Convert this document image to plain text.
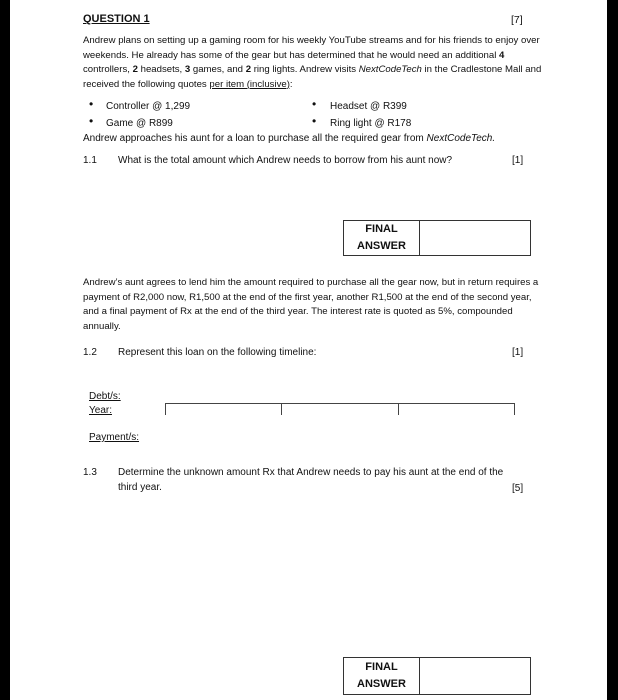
QUESTION 1	[7]
Andrew plans on setting up a gaming room for his weekly YouTube streams and for his friends to enjoy over weekends. He already has some of the gear but has determined that he would need an additional 4 controllers, 2 headsets, 3 games, and 2 ring lights. Andrew visits NextCodeTech in the Cradlestone Mall and received the following quotes per item (inclusive):
• Controller @ 1,299	• Headset @ R399
• Game @ R899	• Ring light @ R178
Andrew approaches his aunt for a loan to purchase all the required gear from NextCodeTech.
1.1 What is the total amount which Andrew needs to borrow from his aunt now?	[1]
FINAL
ANSWER
Andrew’s aunt agrees to lend him the amount required to purchase all the gear now, but in return requires a payment of R2,000 now, R1,500 at the end of the first year, another R1,500 at the end of the second year, and a final payment of Rx at the end of the third year. The interest rate is quoted as 5%, compounded annually.
1.2 Represent this loan on the following timeline:	[1]
Debt/s:
Year:
Payment/s:
1.3 Determine the unknown amount Rx that Andrew needs to pay his aunt at the end of the
third year.	[5]
FINAL
ANSWER
